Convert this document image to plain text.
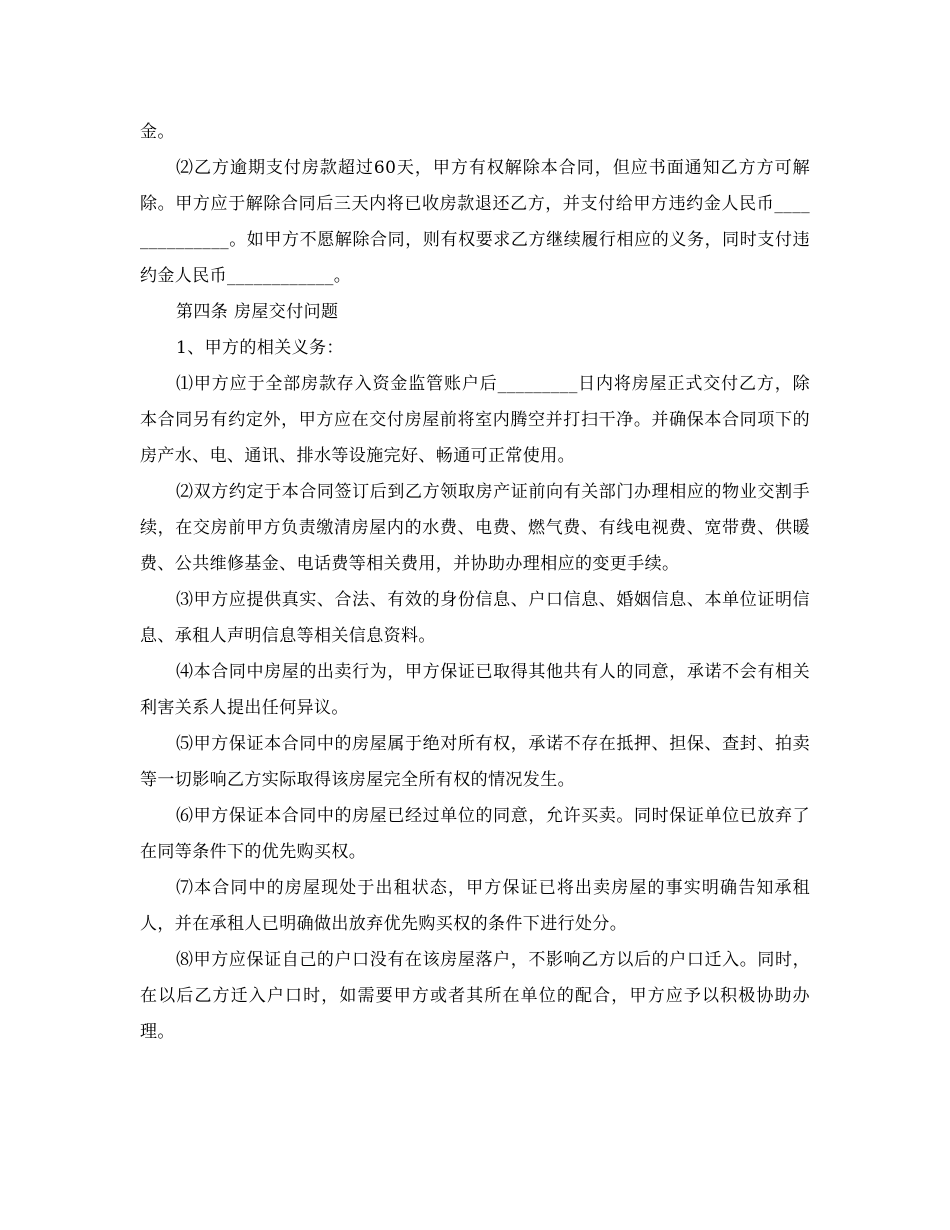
金。

⑵乙方逾期支付房款超过60天，甲方有权解除本合同，但应书面通知乙方方可解除。甲方应于解除合同后三天内将已收房款退还乙方，并支付给甲方违约金人民币______________。如甲方不愿解除合同，则有权要求乙方继续履行相应的义务，同时支付违约金人民币____________。

第四条 房屋交付问题

1、甲方的相关义务：

⑴甲方应于全部房款存入资金监管账户后_________日内将房屋正式交付乙方，除本合同另有约定外，甲方应在交付房屋前将室内腾空并打扫干净。并确保本合同项下的房产水、电、通讯、排水等设施完好、畅通可正常使用。

⑵双方约定于本合同签订后到乙方领取房产证前向有关部门办理相应的物业交割手续，在交房前甲方负责缴清房屋内的水费、电费、燃气费、有线电视费、宽带费、供暖费、公共维修基金、电话费等相关费用，并协助办理相应的变更手续。

⑶甲方应提供真实、合法、有效的身份信息、户口信息、婚姻信息、本单位证明信息、承租人声明信息等相关信息资料。

⑷本合同中房屋的出卖行为，甲方保证已取得其他共有人的同意，承诺不会有相关利害关系人提出任何异议。

⑸甲方保证本合同中的房屋属于绝对所有权，承诺不存在抵押、担保、查封、拍卖等一切影响乙方实际取得该房屋完全所有权的情况发生。

⑹甲方保证本合同中的房屋已经过单位的同意，允许买卖。同时保证单位已放弃了在同等条件下的优先购买权。

⑺本合同中的房屋现处于出租状态，甲方保证已将出卖房屋的事实明确告知承租人，并在承租人已明确做出放弃优先购买权的条件下进行处分。

⑻甲方应保证自己的户口没有在该房屋落户，不影响乙方以后的户口迁入。同时，在以后乙方迁入户口时，如需要甲方或者其所在单位的配合，甲方应予以积极协助办理。
